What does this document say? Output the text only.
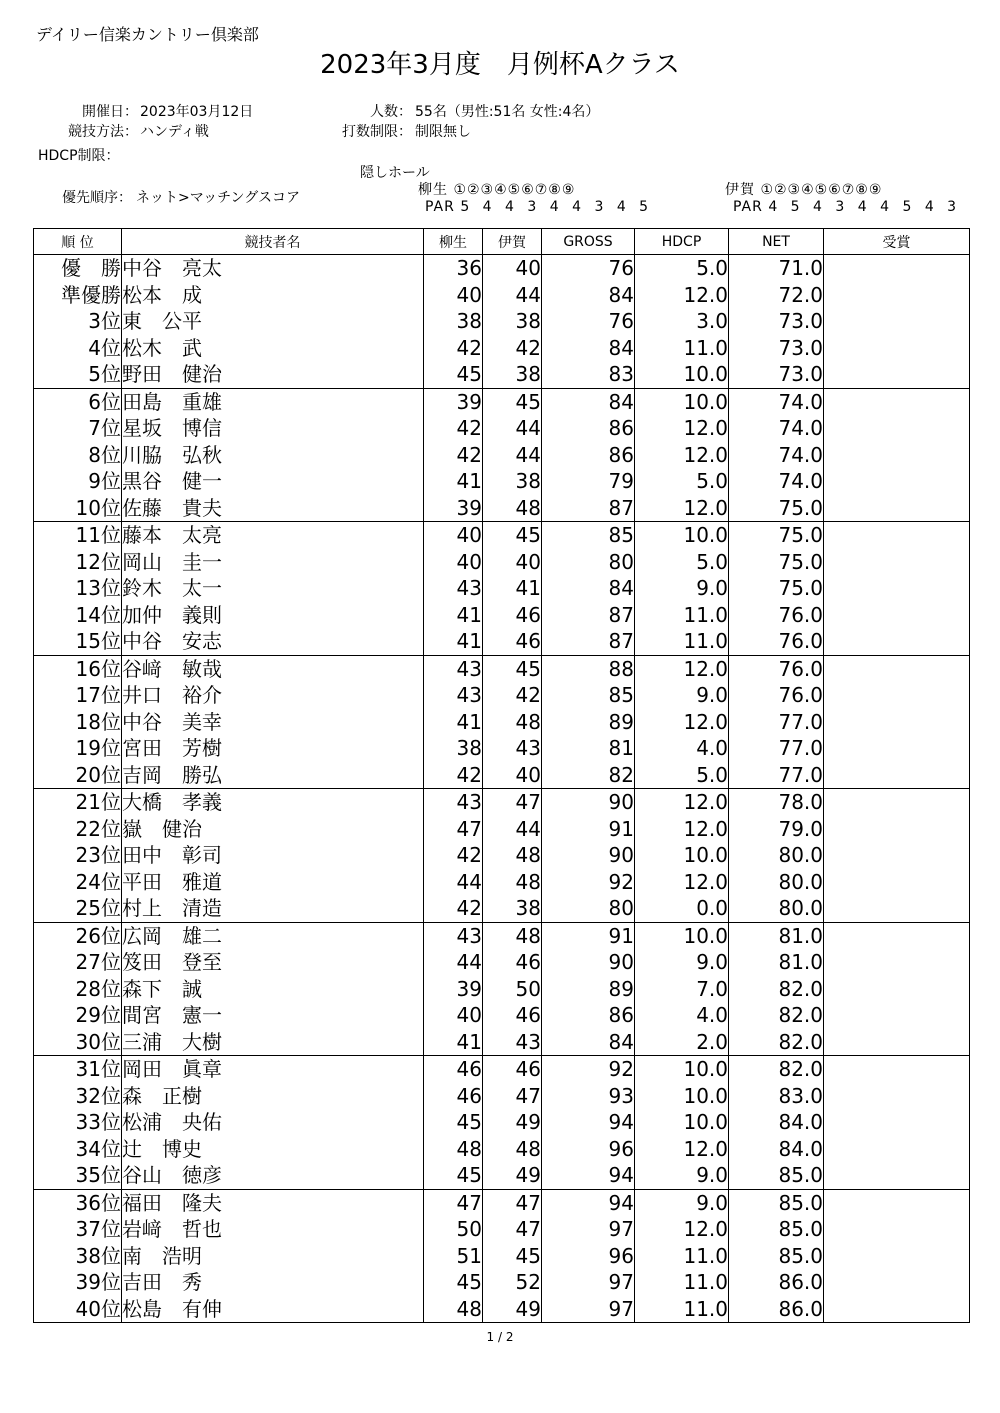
デイリー信楽カントリー倶楽部
2023年3月度　月例杯Aクラス
開催日： 2023年03月12日
競技方法： ハンディ戦
HDCP制限：
人数： 55名（男性:51名 女性:4名）
打数制限： 制限無し
隠しホール
優先順序： ネット>マッチングスコア	柳生 ①②③④⑤⑥⑦⑧⑨
PAR 5 4 4 3 4 4 3 4 5
伊賀 ①②③④⑤⑥⑦⑧⑨
PAR 4 5 4 3 4 4 5 4 3
順 位	競技者名	柳生	伊賀	GROSS	HDCP	NET	受賞
優　勝	中谷　亮太	36	40	76	5.0	71.0	
準優勝	松本　成	40	44	84	12.0	72.0	
3位	東　公平	38	38	76	3.0	73.0	
4位	松木　武	42	42	84	11.0	73.0	
5位	野田　健治	45	38	83	10.0	73.0	
6位	田島　重雄	39	45	84	10.0	74.0	
7位	星坂　博信	42	44	86	12.0	74.0	
8位	川脇　弘秋	42	44	86	12.0	74.0	
9位	黒谷　健一	41	38	79	5.0	74.0	
10位	佐藤　貴夫	39	48	87	12.0	75.0	
11位	藤本　太亮	40	45	85	10.0	75.0	
12位	岡山　圭一	40	40	80	5.0	75.0	
13位	鈴木　太一	43	41	84	9.0	75.0	
14位	加仲　義則	41	46	87	11.0	76.0	
15位	中谷　安志	41	46	87	11.0	76.0	
16位	谷﨑　敏哉	43	45	88	12.0	76.0	
17位	井口　裕介	43	42	85	9.0	76.0	
18位	中谷　美幸	41	48	89	12.0	77.0	
19位	宮田　芳樹	38	43	81	4.0	77.0	
20位	吉岡　勝弘	42	40	82	5.0	77.0	
21位	大橋　孝義	43	47	90	12.0	78.0	
22位	嶽　健治	47	44	91	12.0	79.0	
23位	田中　彰司	42	48	90	10.0	80.0	
24位	平田　雅道	44	48	92	12.0	80.0	
25位	村上　清造	42	38	80	0.0	80.0	
26位	広岡　雄二	43	48	91	10.0	81.0	
27位	笈田　登至	44	46	90	9.0	81.0	
28位	森下　誠	39	50	89	7.0	82.0	
29位	間宮　憲一	40	46	86	4.0	82.0	
30位	三浦　大樹	41	43	84	2.0	82.0	
31位	岡田　眞章	46	46	92	10.0	82.0	
32位	森　正樹	46	47	93	10.0	83.0	
33位	松浦　央佑	45	49	94	10.0	84.0	
34位	辻　博史	48	48	96	12.0	84.0	
35位	谷山　徳彦	45	49	94	9.0	85.0	
36位	福田　隆夫	47	47	94	9.0	85.0	
37位	岩﨑　哲也	50	47	97	12.0	85.0	
38位	南　浩明	51	45	96	11.0	85.0	
39位	吉田　秀	45	52	97	11.0	86.0	
40位	松島　有伸	48	49	97	11.0	86.0	
1 / 2
